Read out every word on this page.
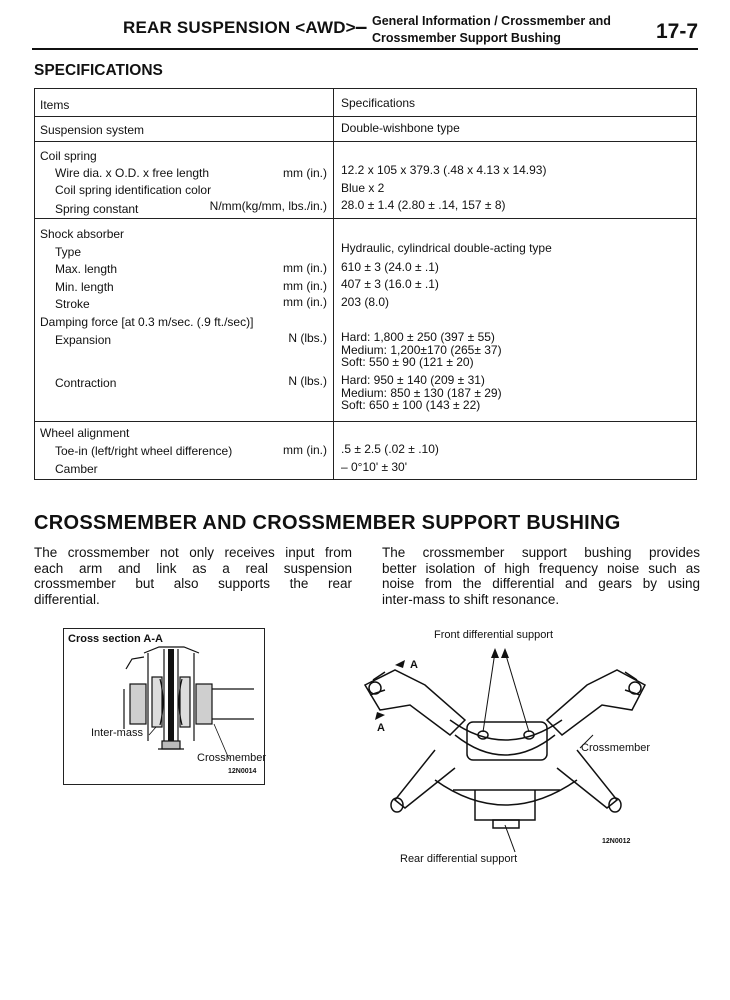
REAR SUSPENSION <AWD> – General Information / Crossmember and
Crossmember Support Bushing	17-7
SPECIFICATIONS
Items	Specifications
Suspension system	Double-wishbone type
Coil spring
Wire dia. x O.D. x free length	mm (in.) 12.2 x 105 x 379.3 (.48 x 4.13 x 14.93)
Coil spring identification color	Blue x 2
Spring constant	N/mm(kg/mm, lbs./in.) 28.0 ± 1.4 (2.80 ± .14, 157 ± 8)
Shock absorber
Type	Hydraulic, cylindrical double-acting type
Max. length	mm (in.) 610 ± 3 (24.0 ± .1)
Min. length	mm (in.) 407 ± 3 (16.0 ± .1)
Stroke	mm (in.) 203 (8.0)
Damping force [at 0.3 m/sec. (.9 ft./sec)]
Expansion	N (lbs.) Hard: 1,800 ± 250 (397 ± 55)
Medium: 1,200±170 (265± 37)
Soft: 550 ± 90 (121 ± 20)
Contraction	N (lbs.) Hard: 950 ± 140 (209 ± 31)
Medium: 850 ± 130 (187 ± 29)
Soft: 650 ± 100 (143 ± 22)
Wheel alignment
Toe-in (left/right wheel difference)	mm (in.) .5 ± 2.5 (.02 ± .10)
Camber	– 0°10' ± 30'
CROSSMEMBER AND CROSSMEMBER SUPPORT BUSHING
The crossmember not only receives input from
each arm and link as a real suspension
crossmember but also supports the rear
differential.
The crossmember support bushing provides
better isolation of high frequency noise such as
noise from the differential and gears by using
inter-mass to shift resonance.
Cross section A-A
Inter-mass
Crossmember
12N0014
Front differential support
Crossmember
Rear differential support
A
A
12N0012
